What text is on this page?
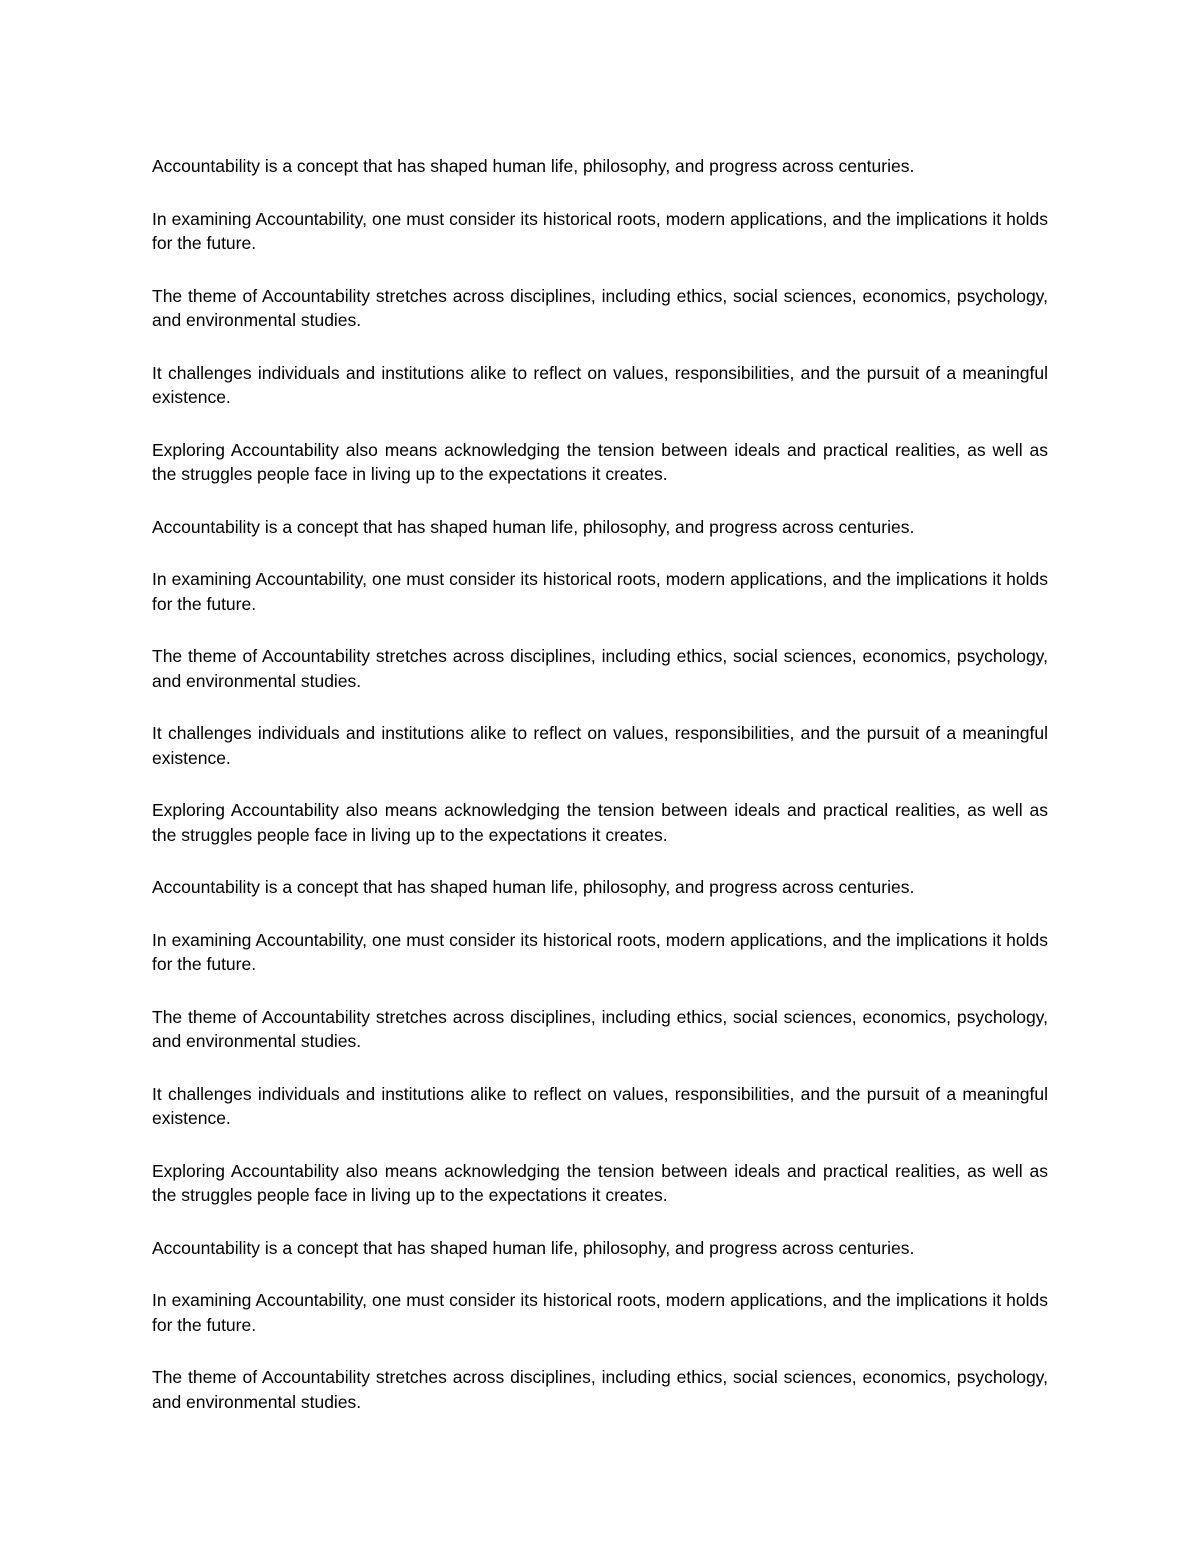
Accountability is a concept that has shaped human life, philosophy, and progress across centuries.

In examining Accountability, one must consider its historical roots, modern applications, and the implications it holds for the future.

The theme of Accountability stretches across disciplines, including ethics, social sciences, economics, psychology, and environmental studies.

It challenges individuals and institutions alike to reflect on values, responsibilities, and the pursuit of a meaningful existence.

Exploring Accountability also means acknowledging the tension between ideals and practical realities, as well as the struggles people face in living up to the expectations it creates.

Accountability is a concept that has shaped human life, philosophy, and progress across centuries.

In examining Accountability, one must consider its historical roots, modern applications, and the implications it holds for the future.

The theme of Accountability stretches across disciplines, including ethics, social sciences, economics, psychology, and environmental studies.

It challenges individuals and institutions alike to reflect on values, responsibilities, and the pursuit of a meaningful existence.

Exploring Accountability also means acknowledging the tension between ideals and practical realities, as well as the struggles people face in living up to the expectations it creates.

Accountability is a concept that has shaped human life, philosophy, and progress across centuries.

In examining Accountability, one must consider its historical roots, modern applications, and the implications it holds for the future.

The theme of Accountability stretches across disciplines, including ethics, social sciences, economics, psychology, and environmental studies.

It challenges individuals and institutions alike to reflect on values, responsibilities, and the pursuit of a meaningful existence.

Exploring Accountability also means acknowledging the tension between ideals and practical realities, as well as the struggles people face in living up to the expectations it creates.

Accountability is a concept that has shaped human life, philosophy, and progress across centuries.

In examining Accountability, one must consider its historical roots, modern applications, and the implications it holds for the future.

The theme of Accountability stretches across disciplines, including ethics, social sciences, economics, psychology, and environmental studies.
